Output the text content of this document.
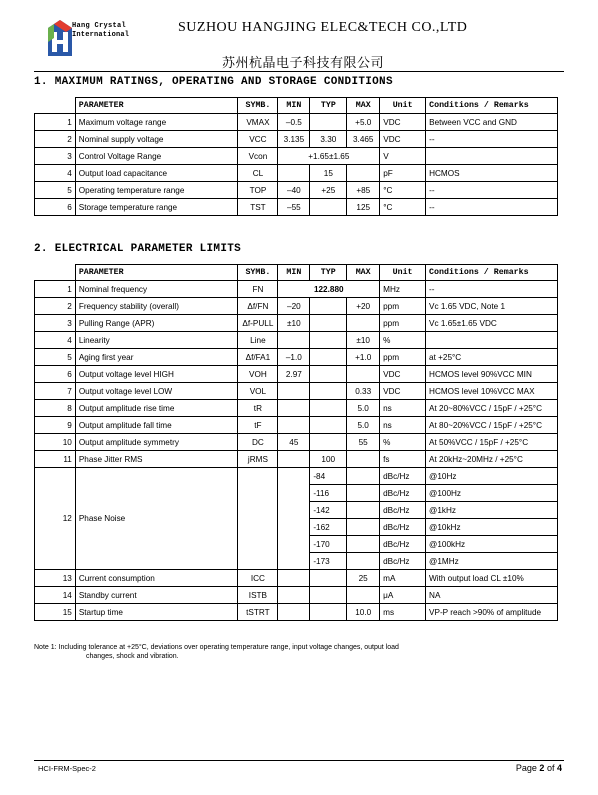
Hang Crystal
International	SUZHOU HANGJING ELEC&TECH CO.,LTD
苏州杭晶电子科技有限公司
1. MAXIMUM RATINGS, OPERATING AND STORAGE CONDITIONS
	PARAMETER	SYMB.	MIN	TYP	MAX	Unit	Conditions / Remarks
1	Maximum voltage range	VMAX	–0.5		+5.0	VDC	Between VCC and GND
2	Nominal supply voltage	VCC	3.135	3.30	3.465	VDC	--
3	Control Voltage Range	Vcon	+1.65±1.65			V	
4	Output load capacitance	CL		15		pF	HCMOS
5	Operating temperature range	TOP	–40	+25	+85	°C	--
6	Storage temperature range	TST	–55		125	°C	--
2. ELECTRICAL PARAMETER LIMITS
	PARAMETER	SYMB.	MIN	TYP	MAX	Unit	Conditions / Remarks
1	Nominal frequency	FN	122.880			MHz	--
2	Frequency stability (overall)	Δf/FN	–20		+20	ppm	Vc 1.65 VDC, Note 1
3	Pulling Range (APR)	Δf-PULL	±10			ppm	Vc 1.65±1.65 VDC
4	Linearity	Line			±10	%	
5	Aging first year	Δf/FA1	–1.0		+1.0	ppm	at +25°C
6	Output voltage level HIGH	VOH	2.97			VDC	HCMOS level 90%VCC MIN
7	Output voltage level LOW	VOL			0.33	VDC	HCMOS level 10%VCC MAX
8	Output amplitude rise time	tR			5.0	ns	At 20~80%VCC / 15pF / +25°C
9	Output amplitude fall time	tF			5.0	ns	At 80~20%VCC / 15pF / +25°C
10	Output amplitude symmetry	DC	45		55	%	At 50%VCC / 15pF / +25°C
11	Phase Jitter RMS	jRMS		100		fs	At 20kHz~20MHz / +25°C
12	Phase Noise			-84		dBc/Hz	@10Hz
				-116		dBc/Hz	@100Hz
				-142		dBc/Hz	@1kHz
				-162		dBc/Hz	@10kHz
				-170		dBc/Hz	@100kHz
				-173		dBc/Hz	@1MHz
13	Current consumption	ICC			25	mA	With output load CL ±10%
14	Standby current	ISTB				μA	NA
15	Startup time	tSTRT			10.0	ms	VP-P reach >90% of amplitude
Note 1: Including tolerance at +25°C, deviations over operating temperature range, input voltage changes, output load
changes, shock and vibration.
HCI-FRM-Spec-2	Page 2 of 4
